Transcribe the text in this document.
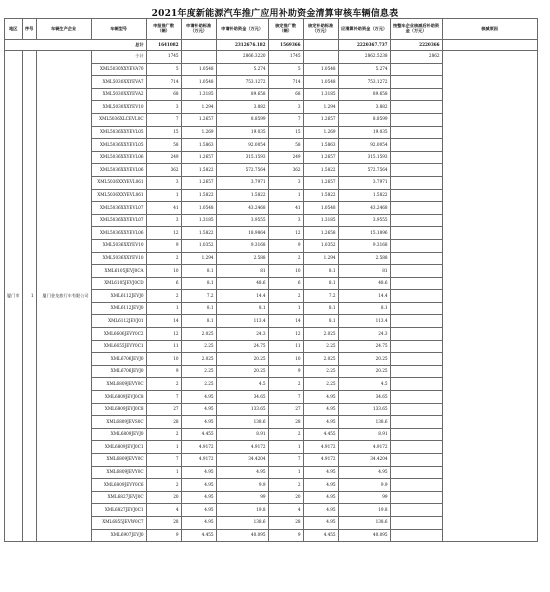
2021年度新能源汽车推广应用补助资金清算审核车辆信息表
地区	序号	车辆生产企业	车辆型号	申报推广数（辆）	申请补助标准（万元）	申请补助资金（万元）	核定推广数（辆）	核定补助标准（万元）	应清算补助资金（万元）	按整车企业核减后补助资金（万元）	核减原因
总计				1641082		2312676.182	1569366		2220367.737	2220366	
厦门市	1	厦门金龙旅行车有限公司	小计	1745		2866.3220	1745		2862.5238	2862	
			XML5030XXYEVA70	5	1.0548	5.274	5	1.0548	5.274		
			XML5030XXYEVA7	714	1.0548	753.1272	714	1.0548	753.1272		
			XML5030XXYEVA2	68	1.3185	89.658	68	1.3185	89.658		
			XML5030XXYEV10	3	1.294	3.882	3	1.294	3.882		
			XML5036XLCEVL0C	7	1.2657	8.8599	7	1.2657	8.8599		
			XML5036XXYEVL05	15	1.269	19.035	15	1.269	19.035		
			XML5036XXYEVL05	58	1.5863	92.0054	58	1.5863	92.0054		
			XML5036XXYEVL06	249	1.2657	315.1593	249	1.2657	315.1593		
			XML5036XXYEVL06	362	1.5822	572.7564	362	1.5822	572.7564		
			XML5036XXYEVL061	3	1.2657	3.7971	3	1.2657	3.7971		
			XML5036XXYEVL061	1	1.5822	1.5822	1	1.5822	1.5822		
			XML5036XXYEVL07	41	1.0548	43.2468	41	1.0548	43.2468		
			XML5036XXYEVL07	3	1.3185	3.9555	3	1.3185	3.9555		
			XML5036XXYEVL06	12	1.5822	18.9864	12	1.2658	15.1896		
			XML5036XXYEV10	9	1.0352	9.3168	9	1.0352	9.3168		
			XML5036XXYEV10	2	1.294	2.588	2	1.294	2.588		
			XML6105JEVJ0CA	10	8.1	81	10	8.1	81		
			XML6105JEVJ0CD	6	8.1	48.6	6	8.1	48.6		
			XML6112JEVJ0	2	7.2	14.4	2	7.2	14.4		
			XML6112JEVJ0	1	8.1	8.1	1	8.1	8.1		
			XML6112JEVJ01	14	8.1	113.4	14	8.1	113.4		
			XML6606JEVY0C2	12	2.025	24.3	12	2.025	24.3		
			XML6655JEVY0C1	11	2.25	24.75	11	2.25	24.75		
			XML6706JEVJ0	10	2.025	20.25	10	2.025	20.25		
			XML6706JEVJ0	9	2.25	20.25	9	2.25	20.25		
			XML6809JEVY0C	2	2.25	4.5	2	2.25	4.5		
			XML6809JEVJ0C8	7	4.95	34.65	7	4.95	34.65		
			XML6809JEVJ0C8	27	4.95	133.65	27	4.95	133.65		
			XML6809JEVS0C	28	4.95	138.6	28	4.95	138.6		
			XML6809JEVJ0	2	4.455	8.91	2	4.455	8.91		
			XML6809JEVJ0C1	1	4.9172	4.9172	1	4.9172	4.9172		
			XML6809JEVY0C	7	4.9172	34.4204	7	4.9172	34.4204		
			XML6809JEVY0C	1	4.95	4.95	1	4.95	4.95		
			XML6809JEVY0C6	2	4.95	9.9	2	4.95	9.9		
			XML6827JEVJ0C	20	4.95	99	20	4.95	99		
			XML6827JEVJ0C1	4	4.95	19.8	4	4.95	19.8		
			XML6855JEVW0C7	28	4.95	138.6	28	4.95	138.6		
			XML6907JEVJ0	9	4.455	40.095	9	4.455	40.095		
